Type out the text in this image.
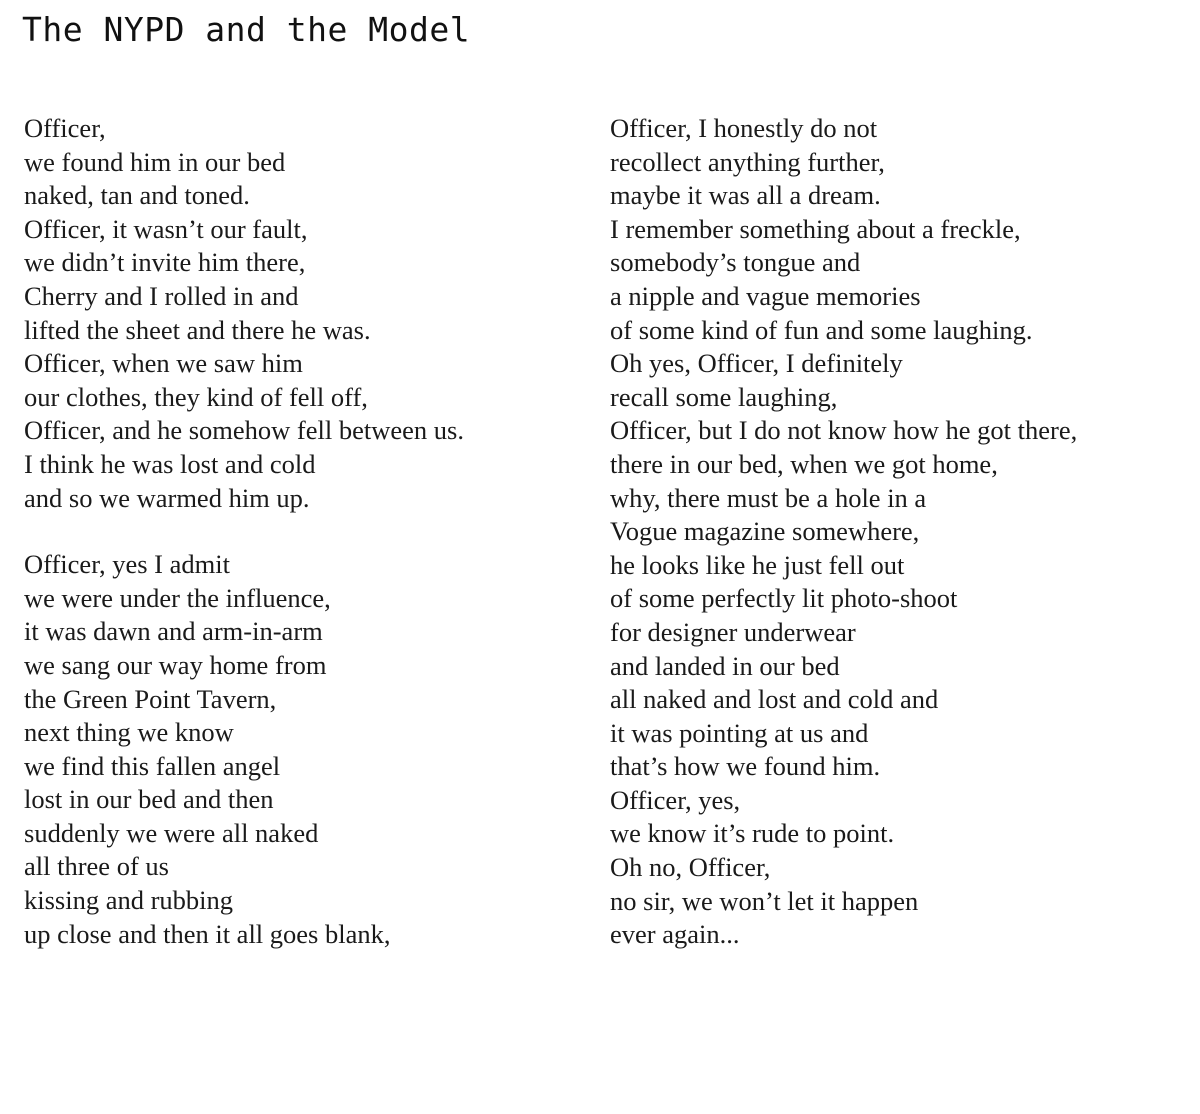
The NYPD and the Model
Officer,
we found him in our bed
naked, tan and toned.
Officer, it wasn’t our fault,
we didn’t invite him there,
Cherry and I rolled in and
lifted the sheet and there he was.
Officer, when we saw him
our clothes, they kind of fell off,
Officer, and he somehow fell between us.
I think he was lost and cold
and so we warmed him up.
Officer, yes I admit
we were under the influence,
it was dawn and arm-in-arm
we sang our way home from
the Green Point Tavern,
next thing we know
we find this fallen angel
lost in our bed and then
suddenly we were all naked
all three of us
kissing and rubbing
up close and then it all goes blank,
Officer, I honestly do not
recollect anything further,
maybe it was all a dream.
I remember something about a freckle,
somebody’s tongue and
a nipple and vague memories
of some kind of fun and some laughing.
Oh yes, Officer, I definitely
recall some laughing,
Officer, but I do not know how he got there,
there in our bed, when we got home,
why, there must be a hole in a
Vogue magazine somewhere,
he looks like he just fell out
of some perfectly lit photo-shoot
for designer underwear
and landed in our bed
all naked and lost and cold and
it was pointing at us and
that’s how we found him.
Officer, yes,
we know it’s rude to point.
Oh no, Officer,
no sir, we won’t let it happen
ever again...
